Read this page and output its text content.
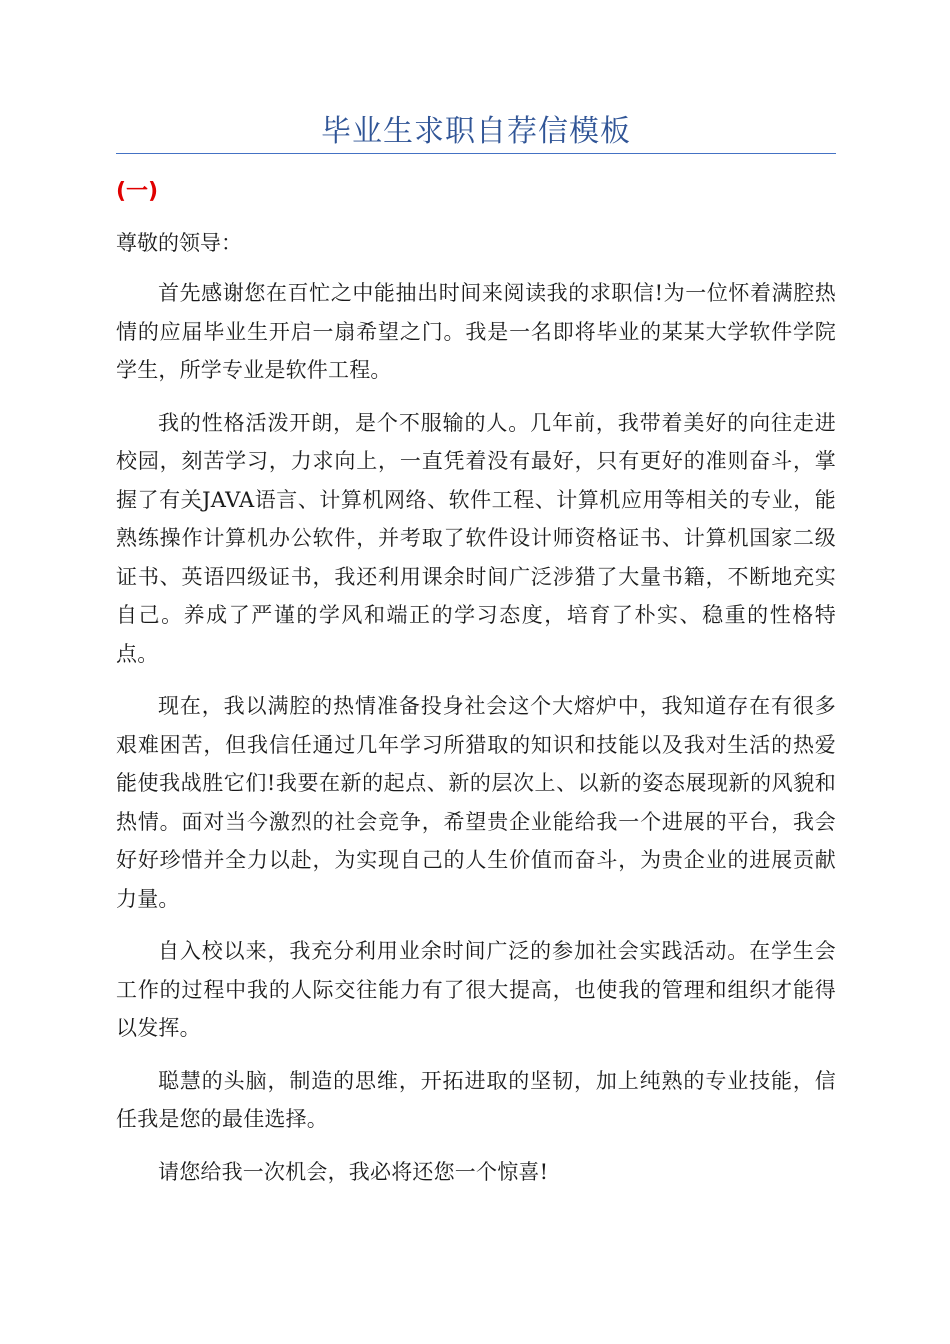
毕业生求职自荐信模板
(一)
尊敬的领导：

首先感谢您在百忙之中能抽出时间来阅读我的求职信!为一位怀着满腔热情的应届毕业生开启一扇希望之门。我是一名即将毕业的某某大学软件学院学生，所学专业是软件工程。

我的性格活泼开朗，是个不服输的人。几年前，我带着美好的向往走进校园，刻苦学习，力求向上，一直凭着没有最好，只有更好的准则奋斗，掌握了有关JAVA语言、计算机网络、软件工程、计算机应用等相关的专业，能熟练操作计算机办公软件，并考取了软件设计师资格证书、计算机国家二级证书、英语四级证书，我还利用课余时间广泛涉猎了大量书籍，不断地充实自己。养成了严谨的学风和端正的学习态度，培育了朴实、稳重的性格特点。

现在，我以满腔的热情准备投身社会这个大熔炉中，我知道存在有很多艰难困苦，但我信任通过几年学习所猎取的知识和技能以及我对生活的热爱能使我战胜它们!我要在新的起点、新的层次上、以新的姿态展现新的风貌和热情。面对当今激烈的社会竞争，希望贵企业能给我一个进展的平台，我会好好珍惜并全力以赴，为实现自己的人生价值而奋斗，为贵企业的进展贡献力量。

自入校以来，我充分利用业余时间广泛的参加社会实践活动。在学生会工作的过程中我的人际交往能力有了很大提高，也使我的管理和组织才能得以发挥。

聪慧的头脑，制造的思维，开拓进取的坚韧，加上纯熟的专业技能，信任我是您的最佳选择。

请您给我一次机会，我必将还您一个惊喜!
